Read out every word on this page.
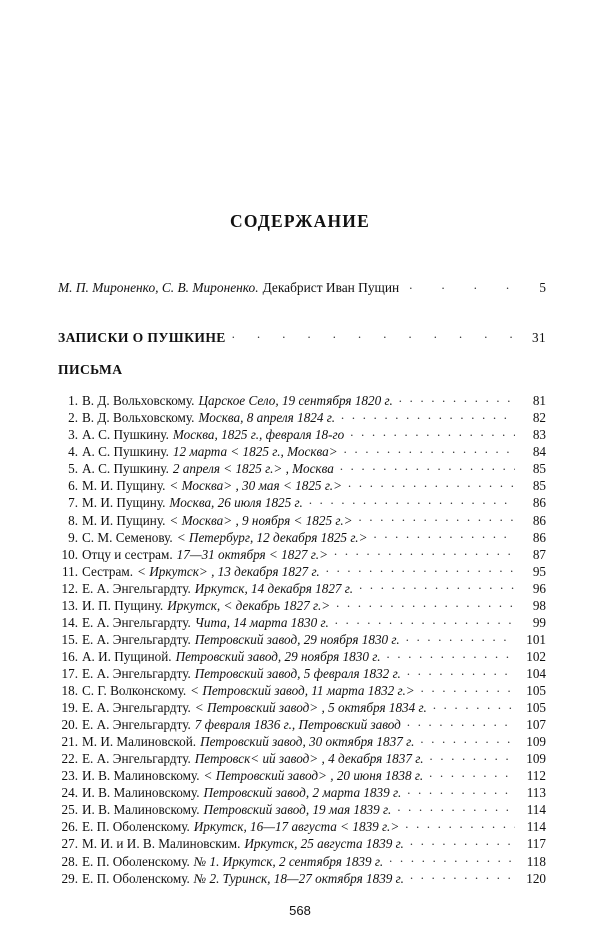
СОДЕРЖАНИЕ
М. П. Мироненко, С. В. Мироненко. Декабрист Иван Пущин . . .	5
ЗАПИСКИ О ПУШКИНЕ . . .	31
ПИСЬМА
1. В. Д. Вольховскому. Царское Село, 19 сентября 1820 г. . . .	81
2. В. Д. Вольховскому. Москва, 8 апреля 1824 г. . . .	82
3. А. С. Пушкину. Москва, 1825 г., февраля 18-го . . .	83
4. А. С. Пушкину. 12 марта < 1825 г., Москва> . . .	84
5. А. С. Пушкину. 2 апреля < 1825 г.> , Москва . . .	85
6. М. И. Пущину. < Москва> , 30 мая < 1825 г.> . . .	85
7. М. И. Пущину. Москва, 26 июля 1825 г. . . .	86
8. М. И. Пущину. < Москва> , 9 ноября < 1825 г.> . . .	86
9. С. М. Семенову. < Петербург, 12 декабря 1825 г.> . . .	86
10. Отцу и сестрам. 17—31 октября < 1827 г.> . . .	87
11. Сестрам. < Иркутск> , 13 декабря 1827 г. . . .	95
12. Е. А. Энгельгардту. Иркутск, 14 декабря 1827 г. . . .	96
13. И. П. Пущину. Иркутск, < декабрь 1827 г.> . . .	98
14. Е. А. Энгельгардту. Чита, 14 марта 1830 г. . . .	99
15. Е. А. Энгельгардту. Петровский завод, 29 ноября 1830 г. . . .	101
16. А. И. Пущиной. Петровский завод, 29 ноября 1830 г. . . .	102
17. Е. А. Энгельгардту. Петровский завод, 5 февраля 1832 г. . . .	104
18. С. Г. Волконскому. < Петровский завод, 11 марта 1832 г.> . . .	105
19. Е. А. Энгельгардту. < Петровский завод> , 5 октября 1834 г. . . .	105
20. Е. А. Энгельгардту. 7 февраля 1836 г., Петровский завод . . .	107
21. М. И. Малиновской. Петровский завод, 30 октября 1837 г. . . .	109
22. Е. А. Энгельгардту. Петровск< ий завод> , 4 декабря 1837 г. . . .	109
23. И. В. Малиновскому. < Петровский завод> , 20 июня 1838 г. . . .	112
24. И. В. Малиновскому. Петровский завод, 2 марта 1839 г. . . .	113
25. И. В. Малиновскому. Петровский завод, 19 мая 1839 г. . . .	114
26. Е. П. Оболенскому. Иркутск, 16—17 августа < 1839 г.> . . .	114
27. М. И. и И. В. Малиновским. Иркутск, 25 августа 1839 г. . . .	117
28. Е. П. Оболенскому. № 1. Иркутск, 2 сентября 1839 г. . . .	118
29. Е. П. Оболенскому. № 2. Туринск, 18—27 октября 1839 г. . . .	120
568
